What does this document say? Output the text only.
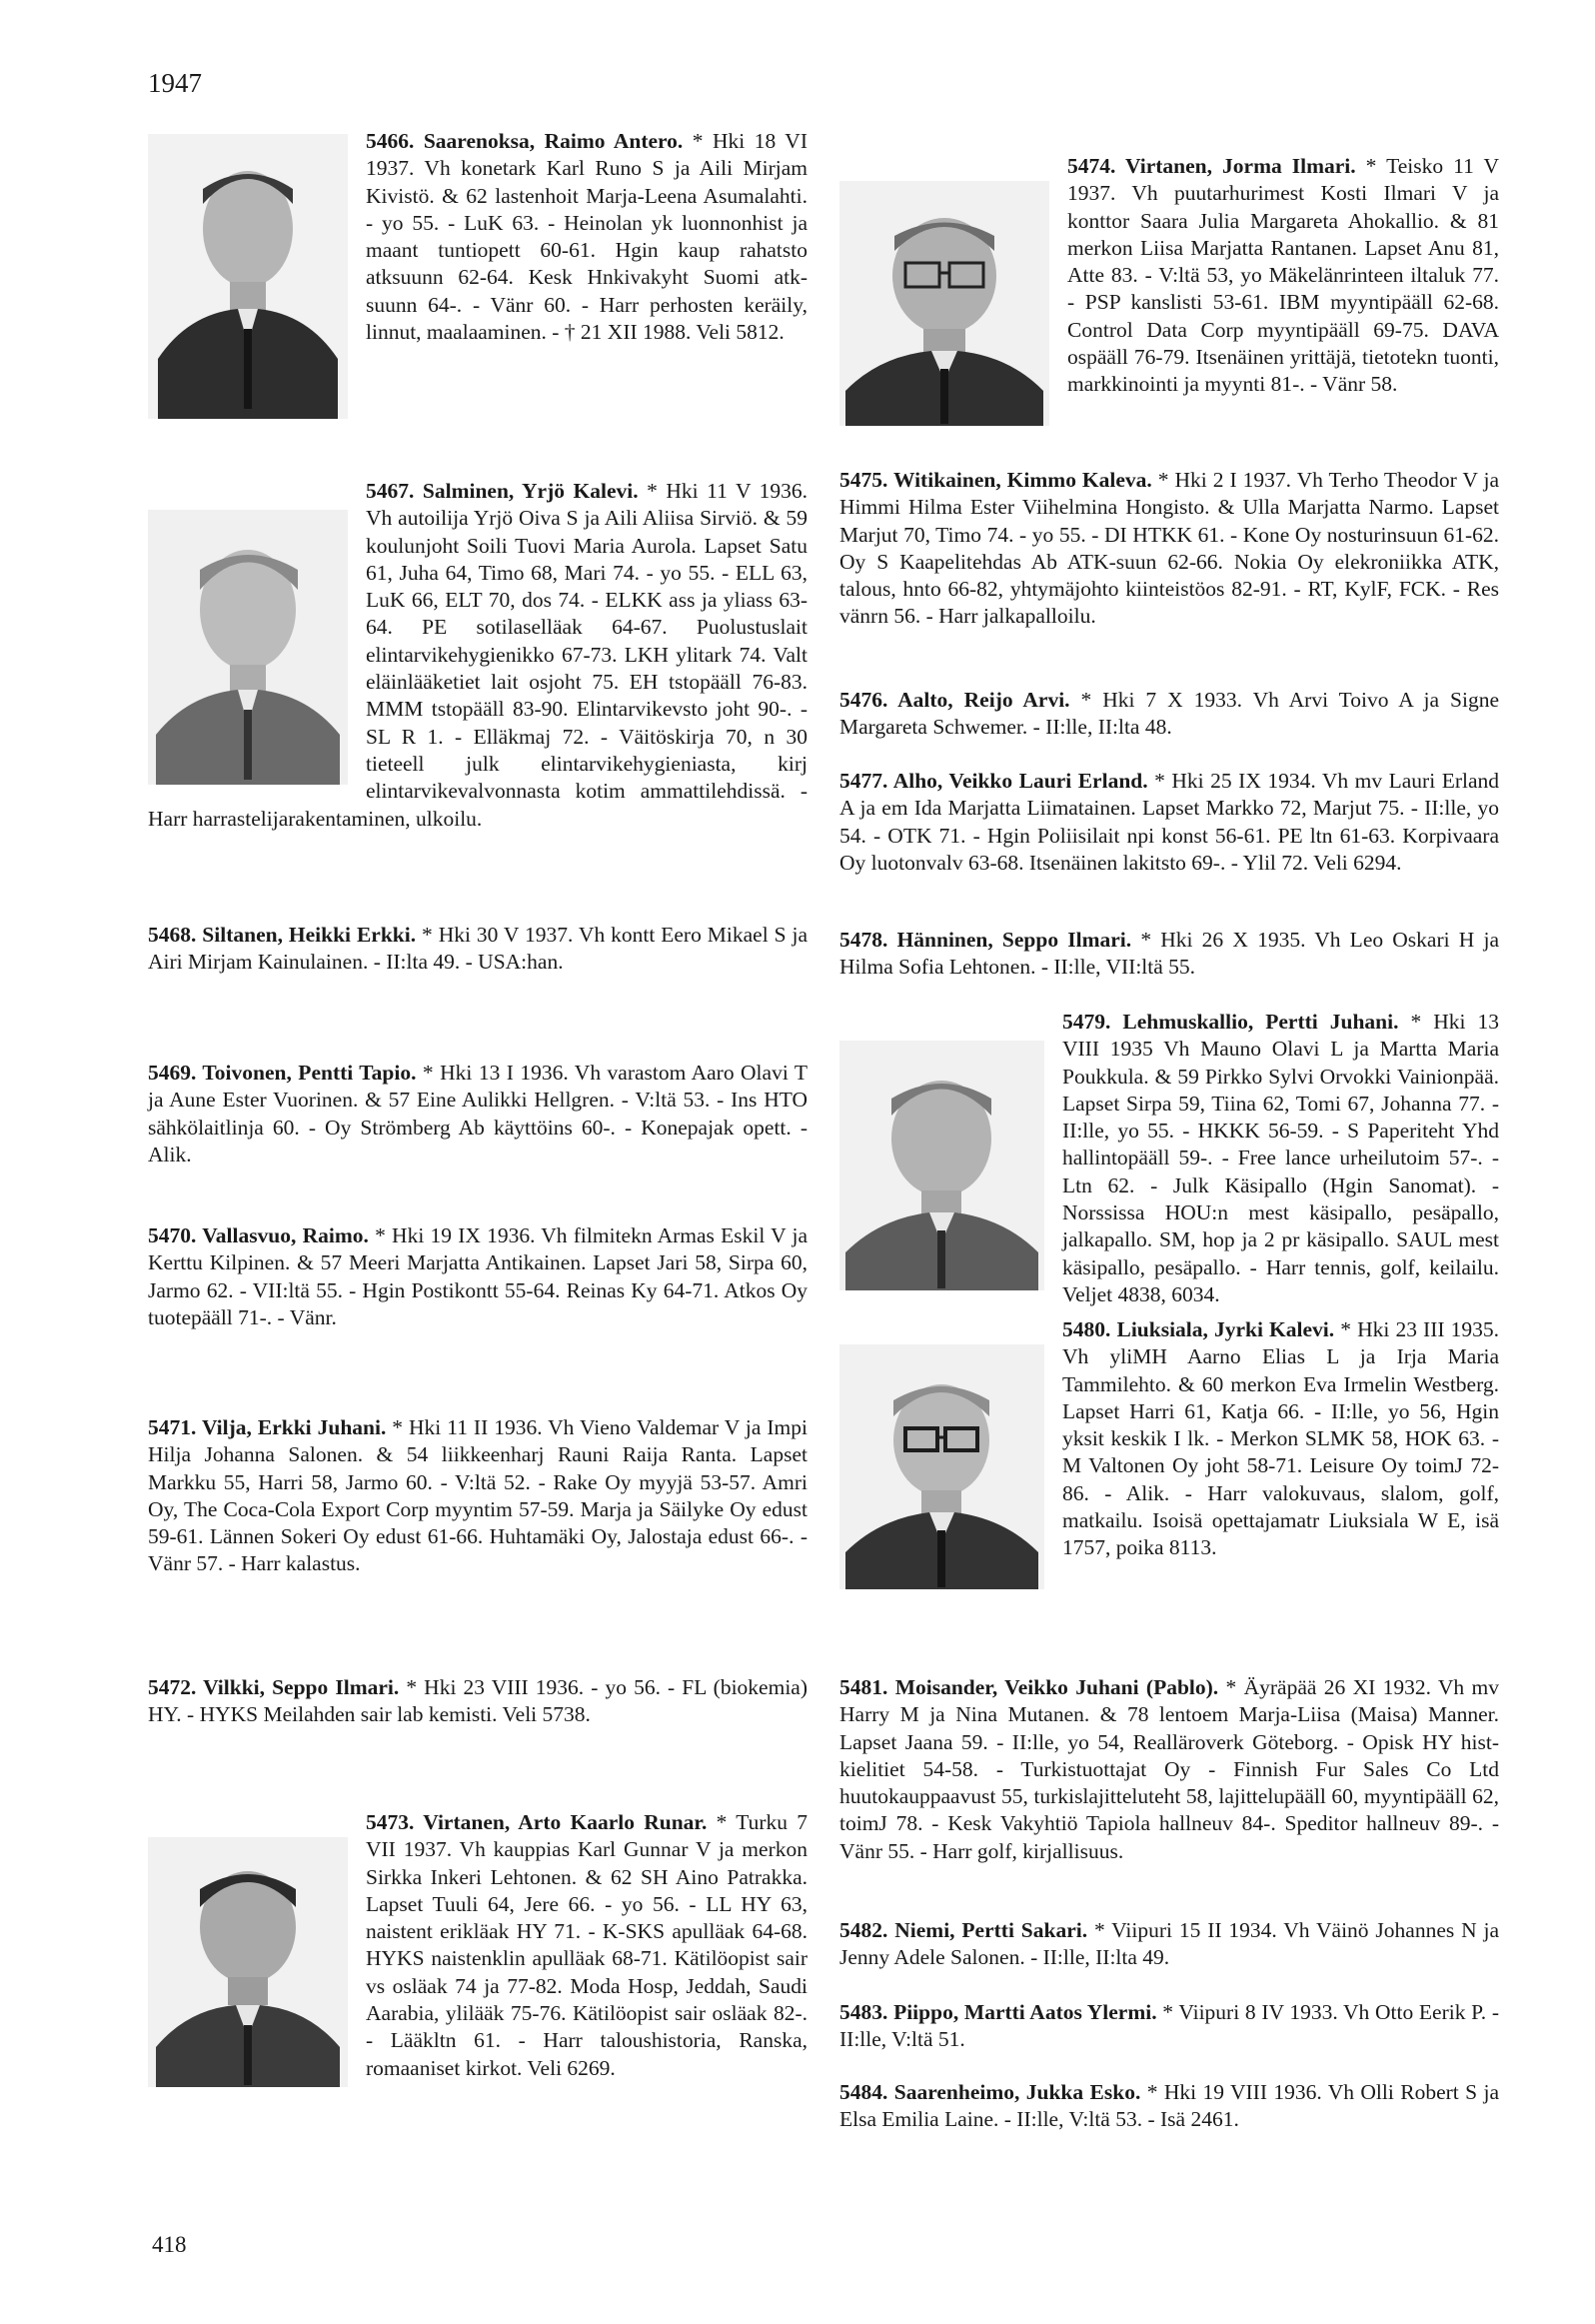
1947
5466. Saarenoksa, Raimo Antero. * Hki 18 VI 1937. Vh konetark Karl Runo S ja Aili Mirjam Kivistö. & 62 lastenhoit Marja-Leena Asumalahti. - yo 55. - LuK 63. - Heinolan yk luonnonhist ja maant tuntiopett 60-61. Hgin kaup rahatsto atksuunn 62-64. Kesk Hnkivakyht Suomi atk-suunn 64-. - Vänr 60. - Harr perhosten keräily, linnut, maalaaminen. - † 21 XII 1988. Veli 5812.
5467. Salminen, Yrjö Kalevi. * Hki 11 V 1936. Vh autoilija Yrjö Oiva S ja Aili Aliisa Sirviö. & 59 koulunjoht Soili Tuovi Maria Aurola. Lapset Satu 61, Juha 64, Timo 68, Mari 74. - yo 55. - ELL 63, LuK 66, ELT 70, dos 74. - ELKK ass ja yliass 63-64. PE sotilaselläak 64-67. Puolustuslait elintarvikehygienikko 67-73. LKH ylitark 74. Valt eläinlääketiet lait osjoht 75. EH tstopääll 76-83. MMM tstopääll 83-90. Elintarvikevsto joht 90-. - SL R 1. - Elläkmaj 72. - Väitöskirja 70, n 30 tieteell julk elintarvikehygieniasta, kirj elintarvikevalvonnasta kotim ammattilehdissä. - Harr harrastelijarakentaminen, ulkoilu.
5468. Siltanen, Heikki Erkki. * Hki 30 V 1937. Vh kontt Eero Mikael S ja Airi Mirjam Kainulainen. - II:lta 49. - USA:han.
5469. Toivonen, Pentti Tapio. * Hki 13 I 1936. Vh varastom Aaro Olavi T ja Aune Ester Vuorinen. & 57 Eine Aulikki Hellgren. - V:ltä 53. - Ins HTO sähkölaitlinja 60. - Oy Strömberg Ab käyttöins 60-. - Konepajak opett. - Alik.
5470. Vallasvuo, Raimo. * Hki 19 IX 1936. Vh filmitekn Armas Eskil V ja Kerttu Kilpinen. & 57 Meeri Marjatta Antikainen. Lapset Jari 58, Sirpa 60, Jarmo 62. - VII:ltä 55. - Hgin Postikontt 55-64. Reinas Ky 64-71. Atkos Oy tuotepääll 71-. - Vänr.
5471. Vilja, Erkki Juhani. * Hki 11 II 1936. Vh Vieno Valdemar V ja Impi Hilja Johanna Salonen. & 54 liikkeenharj Rauni Raija Ranta. Lapset Markku 55, Harri 58, Jarmo 60. - V:ltä 52. - Rake Oy myyjä 53-57. Amri Oy, The Coca-Cola Export Corp myyntim 57-59. Marja ja Säilyke Oy edust 59-61. Lännen Sokeri Oy edust 61-66. Huhtamäki Oy, Jalostaja edust 66-. - Vänr 57. - Harr kalastus.
5472. Vilkki, Seppo Ilmari. * Hki 23 VIII 1936. - yo 56. - FL (biokemia) HY. - HYKS Meilahden sair lab kemisti. Veli 5738.
5473. Virtanen, Arto Kaarlo Runar. * Turku 7 VII 1937. Vh kauppias Karl Gunnar V ja merkon Sirkka Inkeri Lehtonen. & 62 SH Aino Patrakka. Lapset Tuuli 64, Jere 66. - yo 56. - LL HY 63, naistent erikläak HY 71. - K-SKS apulläak 64-68. HYKS naistenklin apulläak 68-71. Kätilöopist sair vs osläak 74 ja 77-82. Moda Hosp, Jeddah, Saudi Aarabia, ylilääk 75-76. Kätilöopist sair osläak 82-. - Lääkltn 61. - Harr taloushistoria, Ranska, romaaniset kirkot. Veli 6269.
5474. Virtanen, Jorma Ilmari. * Teisko 11 V 1937. Vh puutarhurimest Kosti Ilmari V ja konttor Saara Julia Margareta Ahokallio. & 81 merkon Liisa Marjatta Rantanen. Lapset Anu 81, Atte 83. - V:ltä 53, yo Mäkelänrinteen iltaluk 77. - PSP kanslisti 53-61. IBM myyntipääll 62-68. Control Data Corp myyntipääll 69-75. DAVA ospääll 76-79. Itsenäinen yrittäjä, tietotekn tuonti, markkinointi ja myynti 81-. - Vänr 58.
5475. Witikainen, Kimmo Kaleva. * Hki 2 I 1937. Vh Terho Theodor V ja Himmi Hilma Ester Viihelmina Hongisto. & Ulla Marjatta Narmo. Lapset Marjut 70, Timo 74. - yo 55. - DI HTKK 61. - Kone Oy nosturinsuun 61-62. Oy S Kaapelitehdas Ab ATK-suun 62-66. Nokia Oy elekroniikka ATK, talous, hnto 66-82, yhtymäjohto kiinteistöos 82-91. - RT, KylF, FCK. - Res vänrn 56. - Harr jalkapalloilu.
5476. Aalto, Reijo Arvi. * Hki 7 X 1933. Vh Arvi Toivo A ja Signe Margareta Schwemer. - II:lle, II:lta 48.
5477. Alho, Veikko Lauri Erland. * Hki 25 IX 1934. Vh mv Lauri Erland A ja em Ida Marjatta Liimatainen. Lapset Markko 72, Marjut 75. - II:lle, yo 54. - OTK 71. - Hgin Poliisilait npi konst 56-61. PE ltn 61-63. Korpivaara Oy luotonvalv 63-68. Itsenäinen lakitsto 69-. - Ylil 72. Veli 6294.
5478. Hänninen, Seppo Ilmari. * Hki 26 X 1935. Vh Leo Oskari H ja Hilma Sofia Lehtonen. - II:lle, VII:ltä 55.
5479. Lehmuskallio, Pertti Juhani. * Hki 13 VIII 1935 Vh Mauno Olavi L ja Martta Maria Poukkula. & 59 Pirkko Sylvi Orvokki Vainionpää. Lapset Sirpa 59, Tiina 62, Tomi 67, Johanna 77. - II:lle, yo 55. - HKKK 56-59. - S Paperiteht Yhd hallintopääll 59-. - Free lance urheilutoim 57-. - Ltn 62. - Julk Käsipallo (Hgin Sanomat). - Norssissa HOU:n mest käsipallo, pesäpallo, jalkapallo. SM, hop ja 2 pr käsipallo. SAUL mest käsipallo, pesäpallo. - Harr tennis, golf, keilailu. Veljet 4838, 6034.
5480. Liuksiala, Jyrki Kalevi. * Hki 23 III 1935. Vh yliMH Aarno Elias L ja Irja Maria Tammilehto. & 60 merkon Eva Irmelin Westberg. Lapset Harri 61, Katja 66. - II:lle, yo 56, Hgin yksit keskik I lk. - Merkon SLMK 58, HOK 63. - M Valtonen Oy joht 58-71. Leisure Oy toimJ 72-86. - Alik. - Harr valokuvaus, slalom, golf, matkailu. Isoisä opettajamatr Liuksiala W E, isä 1757, poika 8113.
5481. Moisander, Veikko Juhani (Pablo). * Äyräpää 26 XI 1932. Vh mv Harry M ja Nina Mutanen. & 78 lentoem Marja-Liisa (Maisa) Manner. Lapset Jaana 59. - II:lle, yo 54, Realläroverk Göteborg. - Opisk HY hist-kielitiet 54-58. - Turkistuottajat Oy - Finnish Fur Sales Co Ltd huutokauppaavust 55, turkislajitteluteht 58, lajittelupääll 60, myyntipääll 62, toimJ 78. - Kesk Vakyhtiö Tapiola hallneuv 84-. Speditor hallneuv 89-. - Vänr 55. - Harr golf, kirjallisuus.
5482. Niemi, Pertti Sakari. * Viipuri 15 II 1934. Vh Väinö Johannes N ja Jenny Adele Salonen. - II:lle, II:lta 49.
5483. Piippo, Martti Aatos Ylermi. * Viipuri 8 IV 1933. Vh Otto Eerik P. - II:lle, V:ltä 51.
5484. Saarenheimo, Jukka Esko. * Hki 19 VIII 1936. Vh Olli Robert S ja Elsa Emilia Laine. - II:lle, V:ltä 53. - Isä 2461.
418
